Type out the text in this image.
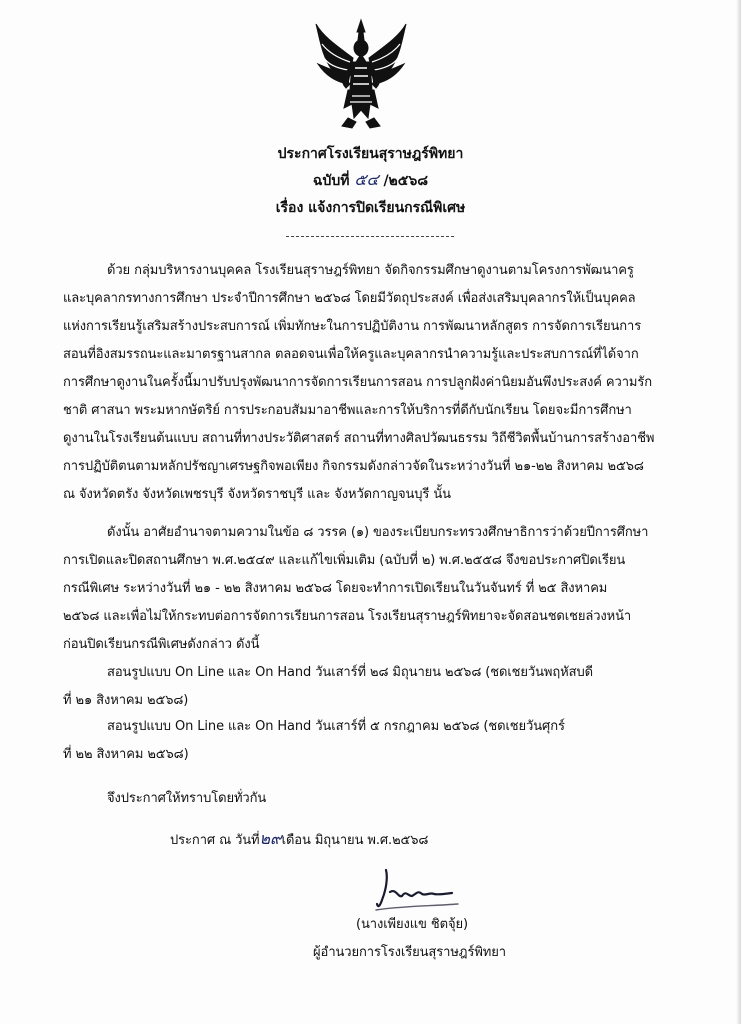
ประกาศโรงเรียนสุราษฎร์พิทยา
ฉบับที่ ๕๔ /๒๕๖๘
เรื่อง แจ้งการปิดเรียนกรณีพิเศษ
ด้วย กลุ่มบริหารงานบุคคล โรงเรียนสุราษฎร์พิทยา จัดกิจกรรมศึกษาดูงานตามโครงการพัฒนาครู
และบุคลากรทางการศึกษา ประจำปีการศึกษา ๒๕๖๘ โดยมีวัตถุประสงค์ เพื่อส่งเสริมบุคลากรให้เป็นบุคคล
แห่งการเรียนรู้เสริมสร้างประสบการณ์ เพิ่มทักษะในการปฏิบัติงาน การพัฒนาหลักสูตร การจัดการเรียนการ
สอนที่อิงสมรรถนะและมาตรฐานสากล ตลอดจนเพื่อให้ครูและบุคลากรนำความรู้และประสบการณ์ที่ได้จาก
การศึกษาดูงานในครั้งนี้มาปรับปรุงพัฒนาการจัดการเรียนการสอน การปลูกฝังค่านิยมอันพึงประสงค์ ความรัก
ชาติ ศาสนา พระมหากษัตริย์ การประกอบสัมมาอาชีพและการให้บริการที่ดีกับนักเรียน โดยจะมีการศึกษา
ดูงานในโรงเรียนต้นแบบ สถานที่ทางประวัติศาสตร์ สถานที่ทางศิลปวัฒนธรรม วิถีชีวิตพื้นบ้านการสร้างอาชีพ
การปฏิบัติตนตามหลักปรัชญาเศรษฐกิจพอเพียง กิจกรรมดังกล่าวจัดในระหว่างวันที่ ๒๑-๒๒ สิงหาคม ๒๕๖๘
ณ จังหวัดตรัง จังหวัดเพชรบุรี จังหวัดราชบุรี และ จังหวัดกาญจนบุรี นั้น
ดังนั้น อาศัยอำนาจตามความในข้อ ๘ วรรค (๑) ของระเบียบกระทรวงศึกษาธิการว่าด้วยปีการศึกษา
การเปิดและปิดสถานศึกษา พ.ศ.๒๕๔๙ และแก้ไขเพิ่มเติม (ฉบับที่ ๒) พ.ศ.๒๕๕๘ จึงขอประกาศปิดเรียน
กรณีพิเศษ ระหว่างวันที่ ๒๑ - ๒๒ สิงหาคม ๒๕๖๘ โดยจะทำการเปิดเรียนในวันจันทร์ ที่ ๒๕ สิงหาคม
๒๕๖๘ และเพื่อไม่ให้กระทบต่อการจัดการเรียนการสอน โรงเรียนสุราษฎร์พิทยาจะจัดสอนชดเชยล่วงหน้า
ก่อนปิดเรียนกรณีพิเศษดังกล่าว ดังนี้
สอนรูปแบบ On Line และ On Hand วันเสาร์ที่ ๒๘ มิถุนายน ๒๕๖๘ (ชดเชยวันพฤหัสบดี
ที่ ๒๑ สิงหาคม ๒๕๖๘)
สอนรูปแบบ On Line และ On Hand วันเสาร์ที่ ๕ กรกฎาคม ๒๕๖๘ (ชดเชยวันศุกร์
ที่ ๒๒ สิงหาคม ๒๕๖๘)
จึงประกาศให้ทราบโดยทั่วกัน
ประกาศ ณ วันที่๒๙เดือน มิถุนายน พ.ศ.๒๕๖๘
(นางเพียงแข ชิตจุ้ย)
ผู้อำนวยการโรงเรียนสุราษฎร์พิทยา
